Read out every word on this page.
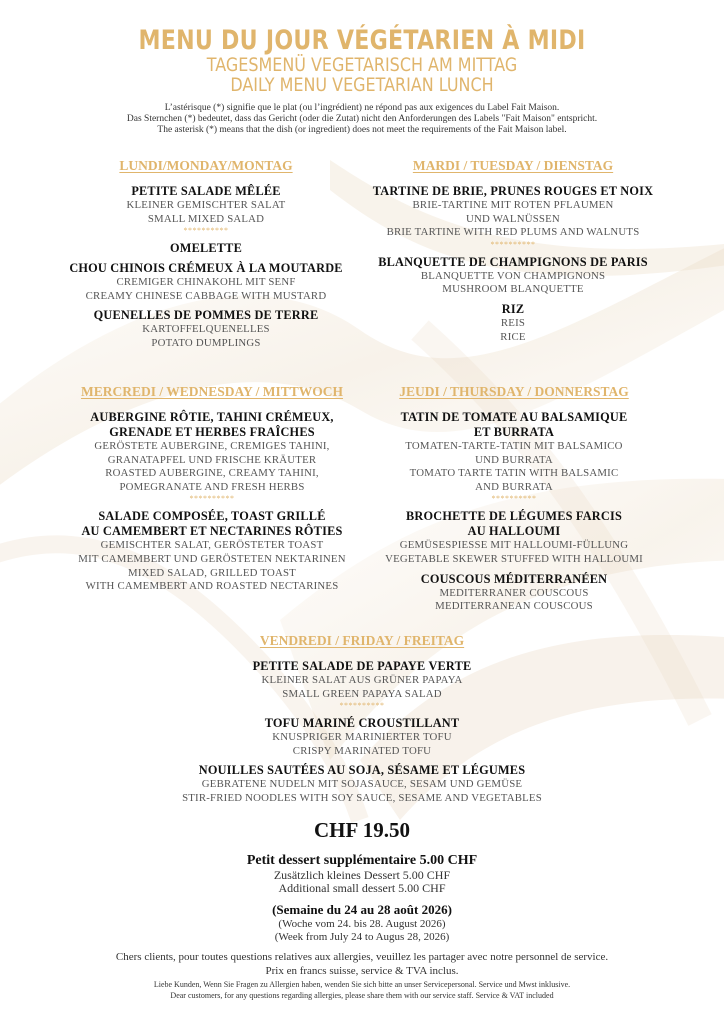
MENU DU JOUR VÉGÉTARIEN À MIDI
TAGESMENÜ VEGETARISCH AM MITTAG
DAILY MENU VEGETARIAN LUNCH
L’astérisque (*) signifie que le plat (ou l’ingrédient) ne répond pas aux exigences du Label Fait Maison.
Das Sternchen (*) bedeutet, dass das Gericht (oder die Zutat) nicht den Anforderungen des Labels "Fait Maison" entspricht.
The asterisk (*) means that the dish (or ingredient) does not meet the requirements of the Fait Maison label.
LUNDI/MONDAY/MONTAG
PETITE SALADE MÊLÉE
KLEINER GEMISCHTER SALAT
SMALL MIXED SALAD
**********
OMELETTE
CHOU CHINOIS CRÉMEUX À LA MOUTARDE
CREMIGER CHINAKOHL MIT SENF
CREAMY CHINESE CABBAGE WITH MUSTARD
QUENELLES DE POMMES DE TERRE
KARTOFFELQUENELLES
POTATO DUMPLINGS
MARDI / TUESDAY / DIENSTAG
TARTINE DE BRIE, PRUNES ROUGES ET NOIX
BRIE-TARTINE MIT ROTEN PFLAUMEN
UND WALNÜSSEN
BRIE TARTINE WITH RED PLUMS AND WALNUTS
**********
BLANQUETTE DE CHAMPIGNONS DE PARIS
BLANQUETTE VON CHAMPIGNONS
MUSHROOM BLANQUETTE
RIZ
REIS
RICE
MERCREDI / WEDNESDAY / MITTWOCH
AUBERGINE RÔTIE, TAHINI CRÉMEUX,
GRENADE ET HERBES FRAÎCHES
GERÖSTETE AUBERGINE, CREMIGES TAHINI,
GRANATAPFEL UND FRISCHE KRÄUTER
ROASTED AUBERGINE, CREAMY TAHINI,
POMEGRANATE AND FRESH HERBS
**********
SALADE COMPOSÉE, TOAST GRILLÉ
AU CAMEMBERT ET NECTARINES RÔTIES
GEMISCHTER SALAT, GERÖSTETER TOAST
MIT CAMEMBERT UND GERÖSTETEN NEKTARINEN
MIXED SALAD, GRILLED TOAST
WITH CAMEMBERT AND ROASTED NECTARINES
JEUDI / THURSDAY / DONNERSTAG
TATIN DE TOMATE AU BALSAMIQUE
ET BURRATA
TOMATEN-TARTE-TATIN MIT BALSAMICO
UND BURRATA
TOMATO TARTE TATIN WITH BALSAMIC
AND BURRATA
**********
BROCHETTE DE LÉGUMES FARCIS
AU HALLOUMI
GEMÜSESPIESSE MIT HALLOUMI-FÜLLUNG
VEGETABLE SKEWER STUFFED WITH HALLOUMI
COUSCOUS MÉDITERRANÉEN
MEDITERRANER COUSCOUS
MEDITERRANEAN COUSCOUS
VENDREDI / FRIDAY / FREITAG
PETITE SALADE DE PAPAYE VERTE
KLEINER SALAT AUS GRÜNER PAPAYA
SMALL GREEN PAPAYA SALAD
**********
TOFU MARINÉ CROUSTILLANT
KNUSPRIGER MARINIERTER TOFU
CRISPY MARINATED TOFU
NOUILLES SAUTÉES AU SOJA, SÉSAME ET LÉGUMES
GEBRATENE NUDELN MIT SOJASAUCE, SESAM UND GEMÜSE
STIR-FRIED NOODLES WITH SOY SAUCE, SESAME AND VEGETABLES
CHF 19.50
Petit dessert supplémentaire 5.00 CHF
Zusätzlich kleines Dessert 5.00 CHF
Additional small dessert 5.00 CHF
(Semaine du 24 au 28 août 2026)
(Woche vom 24. bis 28. August 2026)
(Week from July 24 to Augus 28, 2026)
Chers clients, pour toutes questions relatives aux allergies, veuillez les partager avec notre personnel de service.
Prix en francs suisse, service & TVA inclus.
Liebe Kunden, Wenn Sie Fragen zu Allergien haben, wenden Sie sich bitte an unser Servicepersonal. Service und Mwst inklusive.
Dear customers, for any questions regarding allergies, please share them with our service staff. Service & VAT included
